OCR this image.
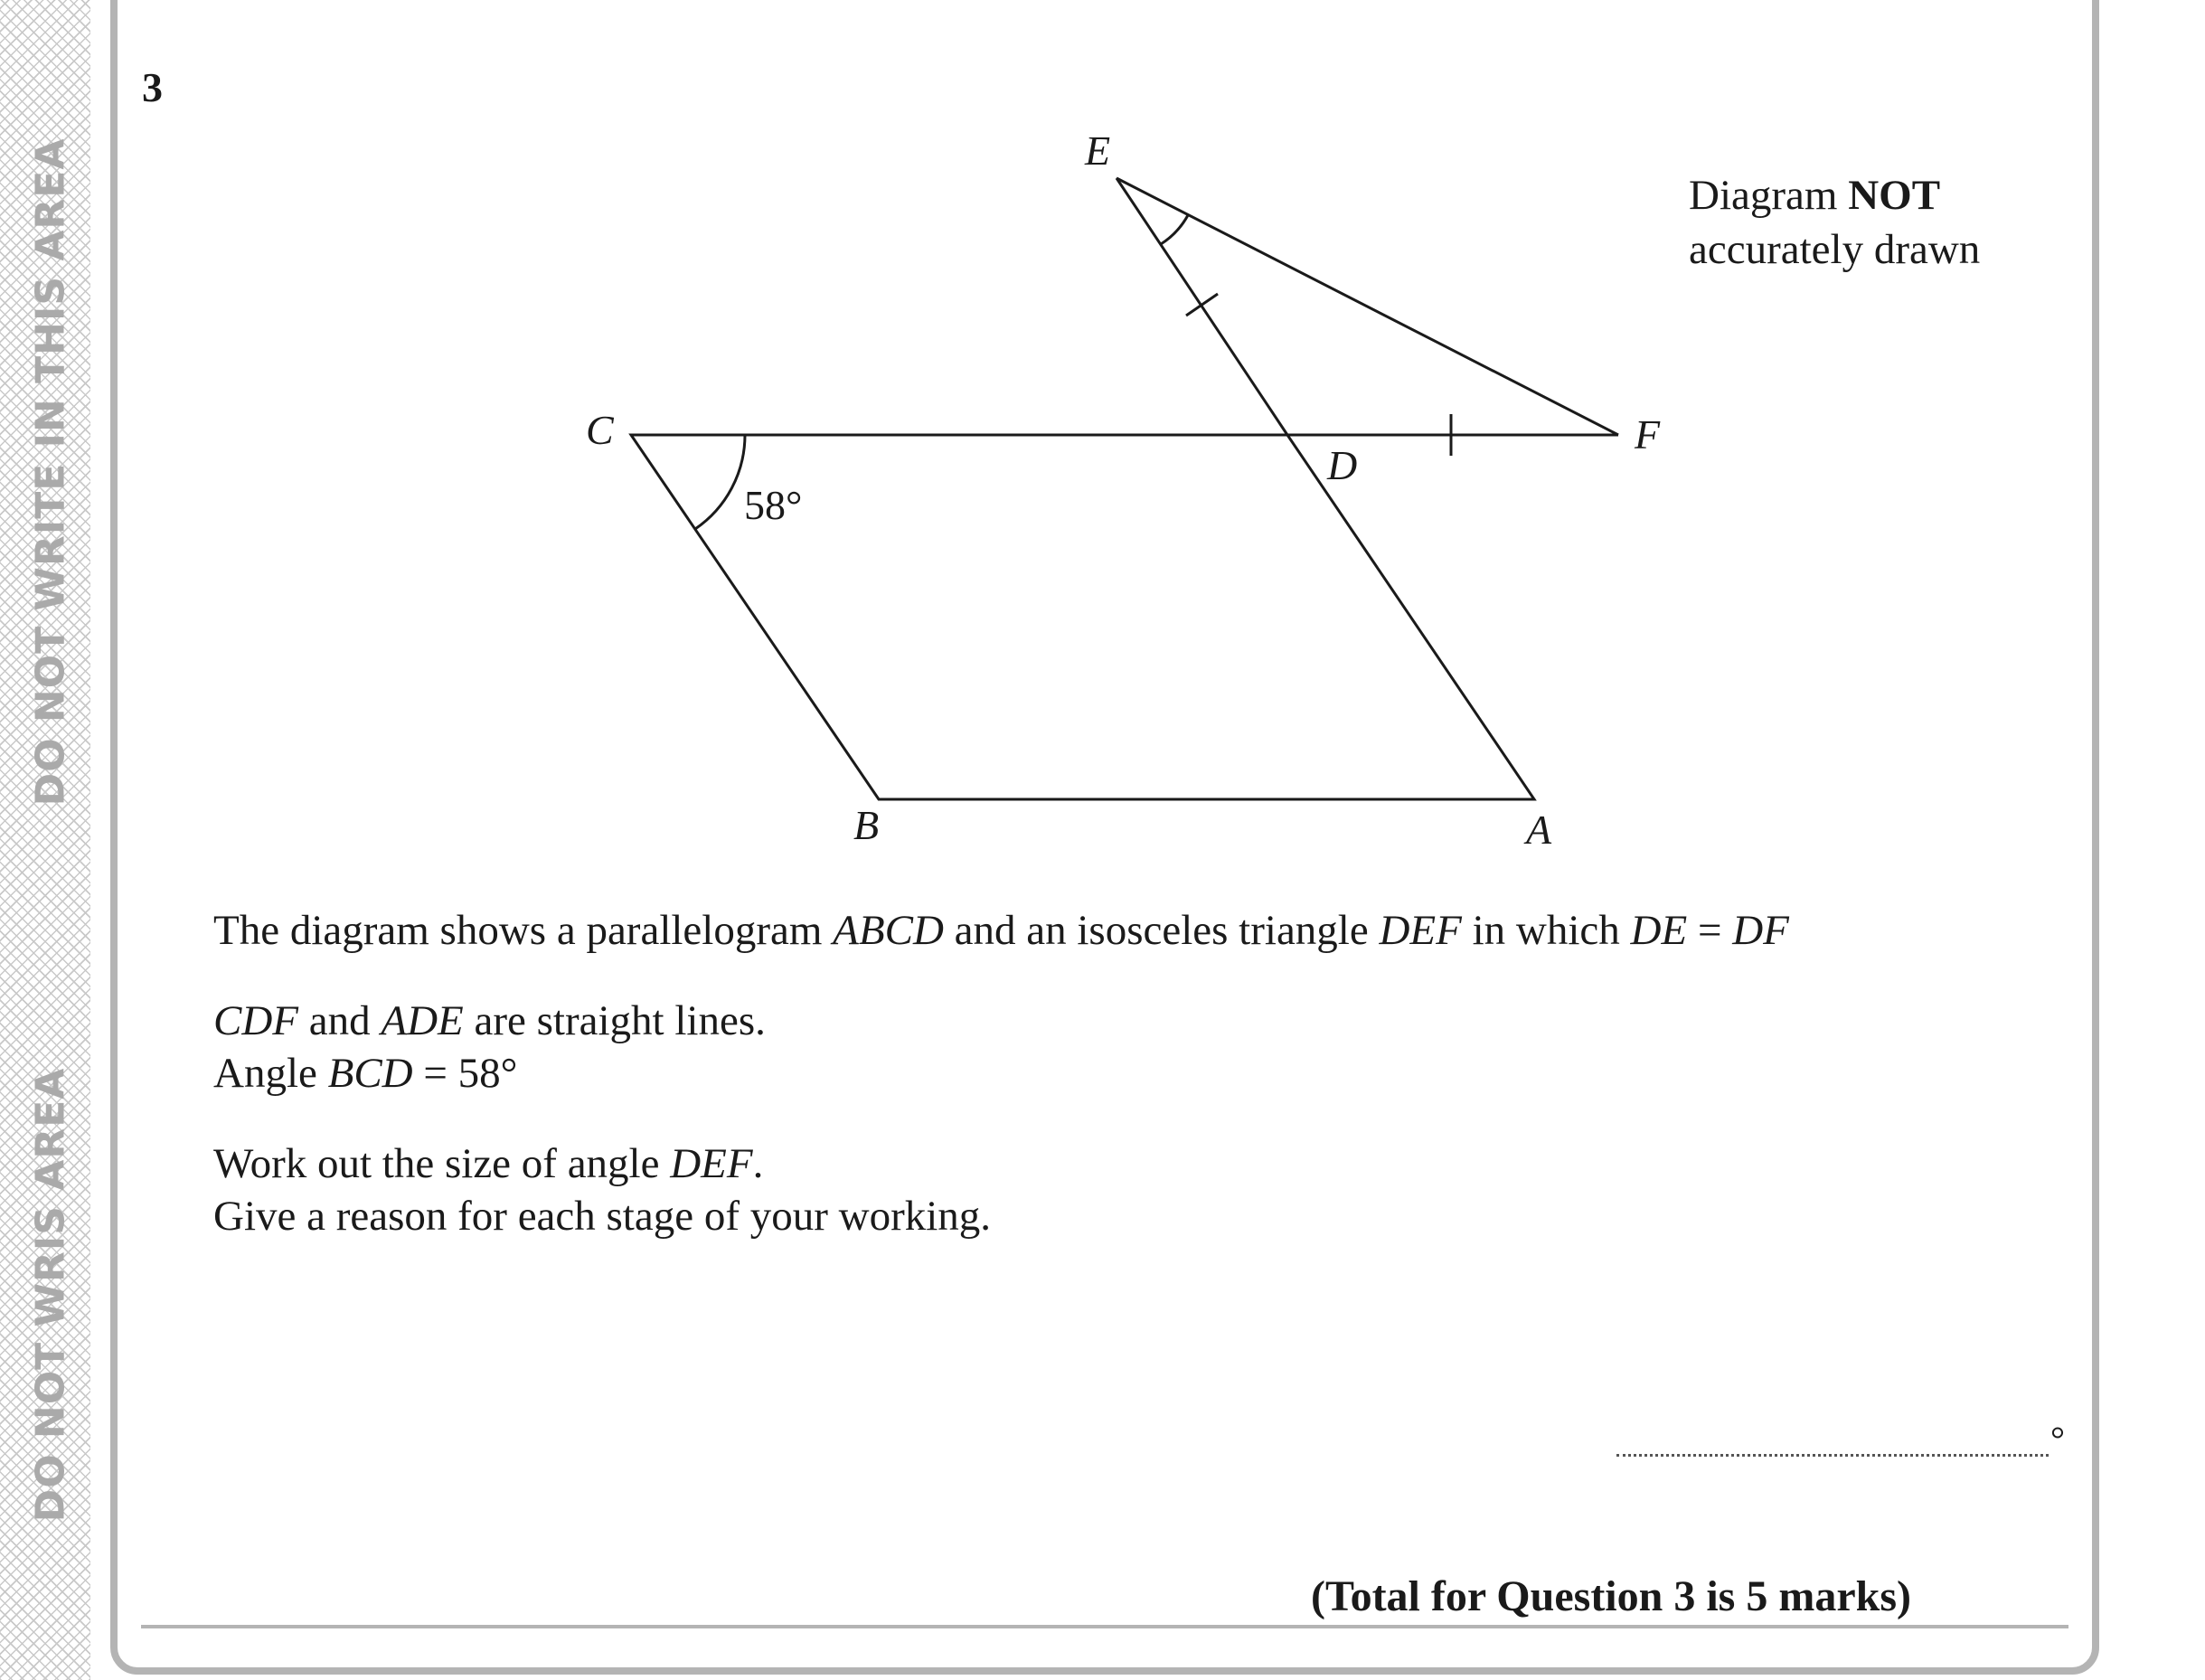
DO NOT WRITE IN THIS AREA
DO NOT WRIS AREA
3
E
C	F
D
58°
B	A
Diagram NOT
accurately drawn
The diagram shows a parallelogram ABCD and an isosceles triangle DEF in which DE = DF
CDF and ADE are straight lines.
Angle BCD = 58°
Work out the size of angle DEF.
Give a reason for each stage of your working.
°
(Total for Question 3 is 5 marks)
